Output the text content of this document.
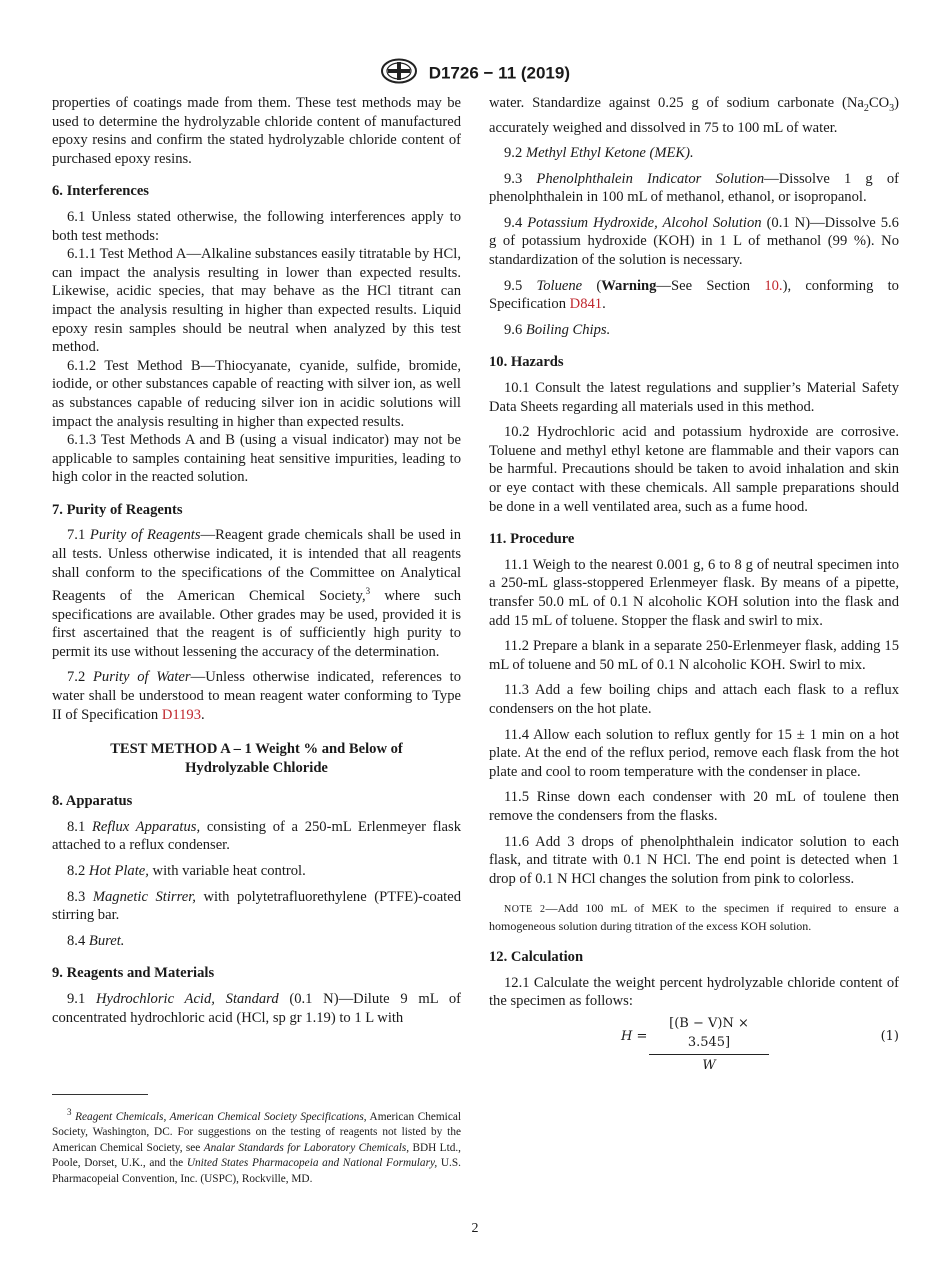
D1726 − 11 (2019)

properties of coatings made from them. These test methods may be used to determine the hydrolyzable chloride content of manufactured epoxy resins and confirm the stated hydrolyzable chloride content of purchased epoxy resins.

6. Interferences

6.1 Unless stated otherwise, the following interferences apply to both test methods:

6.1.1 Test Method A—Alkaline substances easily titratable by HCl, can impact the analysis resulting in lower than expected results. Likewise, acidic species, that may behave as the HCl titrant can impact the analysis resulting in higher than expected results. Liquid epoxy resin samples should be neutral when analyzed by this test method.

6.1.2 Test Method B—Thiocyanate, cyanide, sulfide, bromide, iodide, or other substances capable of reacting with silver ion, as well as substances capable of reducing silver ion in acidic solutions will impact the analysis resulting in higher than expected results.

6.1.3 Test Methods A and B (using a visual indicator) may not be applicable to samples containing heat sensitive impurities, leading to high color in the reacted solution.

7. Purity of Reagents

7.1 Purity of Reagents—Reagent grade chemicals shall be used in all tests. Unless otherwise indicated, it is intended that all reagents shall conform to the specifications of the Committee on Analytical Reagents of the American Chemical Society,$^3$ where such specifications are available. Other grades may be used, provided it is first ascertained that the reagent is of sufficiently high purity to permit its use without lessening the accuracy of the determination.

7.2 Purity of Water—Unless otherwise indicated, references to water shall be understood to mean reagent water conforming to Type II of Specification D1193.

TEST METHOD A – 1 Weight % and Below of
Hydrolyzable Chloride
8. Apparatus

8.1 Reflux Apparatus, consisting of a 250-mL Erlenmeyer flask attached to a reflux condenser.

8.2 Hot Plate, with variable heat control.

8.3 Magnetic Stirrer, with polytetrafluorethylene (PTFE)-coated stirring bar.

8.4 Buret.

9. Reagents and Materials

9.1 Hydrochloric Acid, Standard (0.1 N)—Dilute 9 mL of concentrated hydrochloric acid (HCl, sp gr 1.19) to 1 L with

$^3$ Reagent Chemicals, American Chemical Society Specifications, American Chemical Society, Washington, DC. For suggestions on the testing of reagents not listed by the American Chemical Society, see Analar Standards for Laboratory Chemicals, BDH Ltd., Poole, Dorset, U.K., and the United States Pharmacopeia and National Formulary, U.S. Pharmacopeial Convention, Inc. (USPC), Rockville, MD.

water. Standardize against 0.25 g of sodium carbonate $(Na_2CO_3)$ accurately weighed and dissolved in 75 to 100 mL of water.

9.2 Methyl Ethyl Ketone (MEK).

9.3 Phenolphthalein Indicator Solution—Dissolve 1 g of phenolphthalein in 100 mL of methanol, ethanol, or isopropanol.

9.4 Potassium Hydroxide, Alcohol Solution (0.1 N)—Dissolve 5.6 g of potassium hydroxide (KOH) in 1 L of methanol (99 %). No standardization of the solution is necessary.

9.5 Toluene (Warning—See Section 10.), conforming to Specification D841.

9.6 Boiling Chips.

10. Hazards

10.1 Consult the latest regulations and supplier’s Material Safety Data Sheets regarding all materials used in this method.

10.2 Hydrochloric acid and potassium hydroxide are corrosive. Toluene and methyl ethyl ketone are flammable and their vapors can be harmful. Precautions should be taken to avoid inhalation and skin or eye contact with these chemicals. All sample preparations should be done in a well ventilated area, such as a fume hood.

11. Procedure

11.1 Weigh to the nearest 0.001 g, 6 to 8 g of neutral specimen into a 250-mL glass-stoppered Erlenmeyer flask. By means of a pipette, transfer 50.0 mL of 0.1 N alcoholic KOH solution into the flask and add 15 mL of toluene. Stopper the flask and swirl to mix.

11.2 Prepare a blank in a separate 250-Erlenmeyer flask, adding 15 mL of toluene and 50 mL of 0.1 N alcoholic KOH. Swirl to mix.

11.3 Add a few boiling chips and attach each flask to a reflux condensers on the hot plate.

11.4 Allow each solution to reflux gently for 15 ± 1 min on a hot plate. At the end of the reflux period, remove each flask from the hot plate and cool to room temperature with the condenser in place.

11.5 Rinse down each condenser with 20 mL of toulene then remove the condensers from the flasks.

11.6 Add 3 drops of phenolphthalein indicator solution to each flask, and titrate with 0.1 N HCl. The end point is detected when 1 drop of 0.1 N HCl changes the solution from pink to colorless.

NOTE 2—Add 100 mL of MEK to the specimen if required to ensure a homogeneous solution during titration of the excess KOH solution.
12. Calculation

12.1 Calculate the weight percent hydrolyzable chloride content of the specimen as follows:

$H = \frac{[(B - V)N \times 3.545]}{W}$	(1)
2
